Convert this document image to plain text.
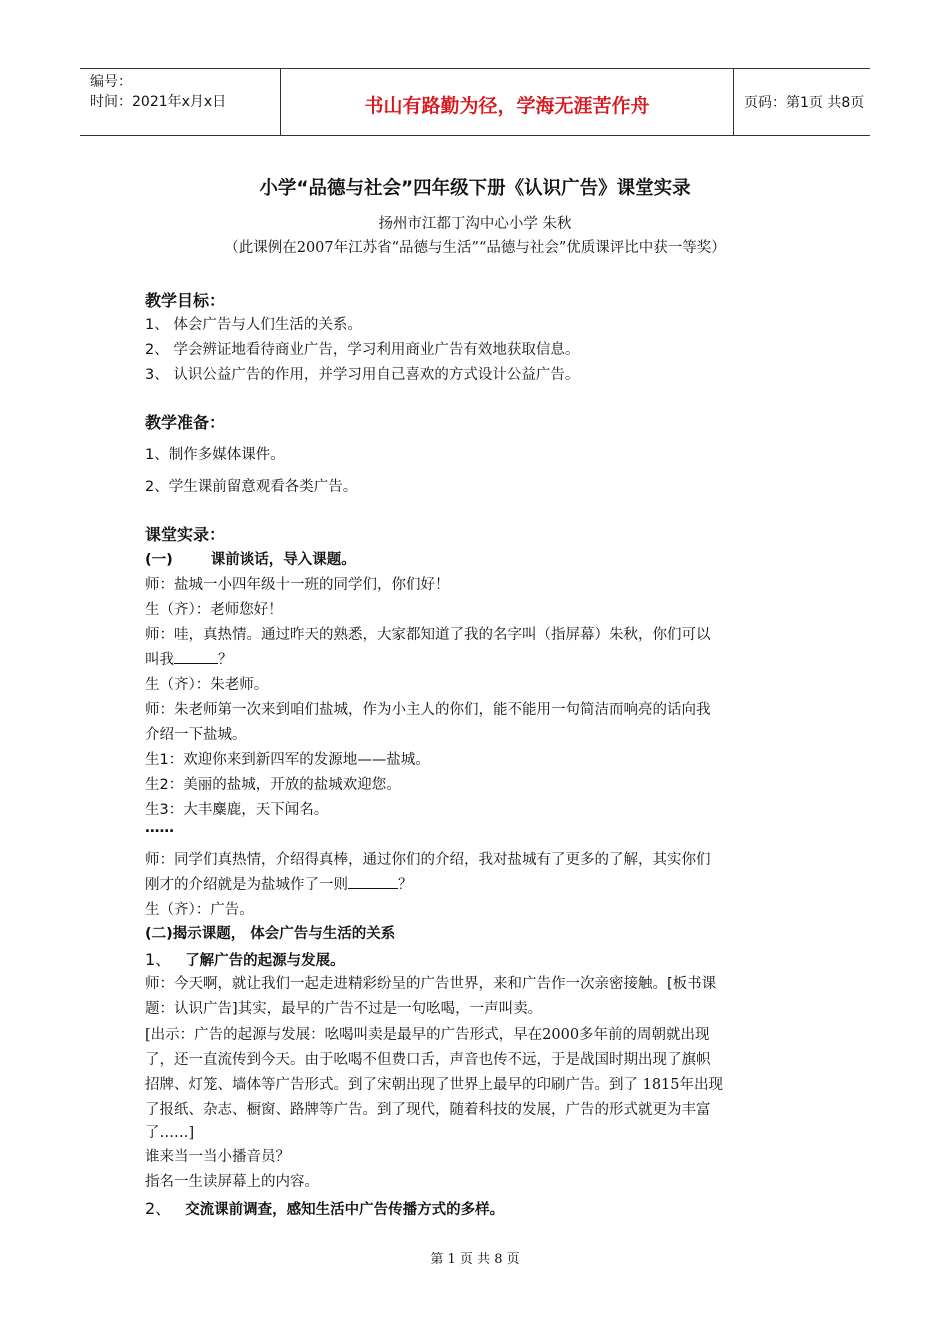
编号：
时间：2021年x月x日	书山有路勤为径，学海无涯苦作舟	页码：第1页 共8页
小学“品德与社会”四年级下册《认识广告》课堂实录
扬州市江都丁沟中心小学 朱秋
（此课例在2007年江苏省“品德与生活”“品德与社会”优质课评比中获一等奖）
教学目标：
1、 体会广告与人们生活的关系。
2、 学会辨证地看待商业广告，学习利用商业广告有效地获取信息。
3、 认识公益广告的作用，并学习用自己喜欢的方式设计公益广告。
教学准备：
1、制作多媒体课件。
2、学生课前留意观看各类广告。
课堂实录：
(一)	课前谈话，导入课题。
师：盐城一小四年级十一班的同学们，你们好！
生（齐）：老师您好！
师：哇，真热情。通过昨天的熟悉，大家都知道了我的名字叫（指屏幕）朱秋，你们可以
叫我	？
生（齐）：朱老师。
师：朱老师第一次来到咱们盐城，作为小主人的你们，能不能用一句简洁而响亮的话向我
介绍一下盐城。
生1：欢迎你来到新四军的发源地——盐城。
生2：美丽的盐城，开放的盐城欢迎您。
生3：大丰麋鹿，天下闻名。
……
师：同学们真热情，介绍得真棒，通过你们的介绍，我对盐城有了更多的了解，其实你们
刚才的介绍就是为盐城作了一则	？
生（齐）：广告。
(二)揭示课题， 体会广告与生活的关系
1、 了解广告的起源与发展。
师：今天啊，就让我们一起走进精彩纷呈的广告世界，来和广告作一次亲密接触。[板书课
题：认识广告]其实，最早的广告不过是一句吆喝，一声叫卖。
[出示：广告的起源与发展：吆喝叫卖是最早的广告形式，早在2000多年前的周朝就出现
了，还一直流传到今天。由于吆喝不但费口舌，声音也传不远，于是战国时期出现了旗帜
招牌、灯笼、墙体等广告形式。到了宋朝出现了世界上最早的印刷广告。到了 1815年出现
了报纸、杂志、橱窗、路牌等广告。到了现代，随着科技的发展，广告的形式就更为丰富
了……]
谁来当一当小播音员？
指名一生读屏幕上的内容。
2、 交流课前调查，感知生活中广告传播方式的多样。
第 1 页 共 8 页
